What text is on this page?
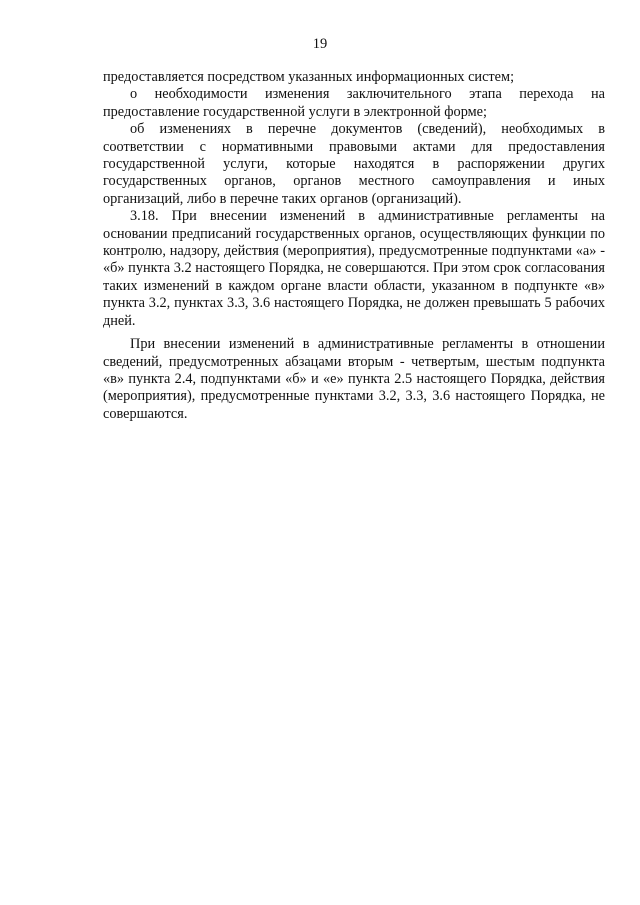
19

предоставляется посредством указанных информационных систем;

о необходимости изменения заключительного этапа перехода на предоставление государственной услуги в электронной форме;

об изменениях в перечне документов (сведений), необходимых в соответствии с нормативными правовыми актами для предоставления государственной услуги, которые находятся в распоряжении других государственных органов, органов местного самоуправления и иных организаций, либо в перечне таких органов (организаций).

3.18. При внесении изменений в административные регламенты на основании предписаний государственных органов, осуществляющих функции по контролю, надзору, действия (мероприятия), предусмотренные подпунктами «а» - «б» пункта 3.2 настоящего Порядка, не совершаются. При этом срок согласования таких изменений в каждом органе власти области, указанном в подпункте «в» пункта 3.2, пунктах 3.3, 3.6 настоящего Порядка, не должен превышать 5 рабочих дней.

При внесении изменений в административные регламенты в отношении сведений, предусмотренных абзацами вторым - четвертым, шестым подпункта «в» пункта 2.4, подпунктами «б» и «е» пункта 2.5 настоящего Порядка, действия (мероприятия), предусмотренные пунктами 3.2, 3.3, 3.6 настоящего Порядка, не совершаются.
